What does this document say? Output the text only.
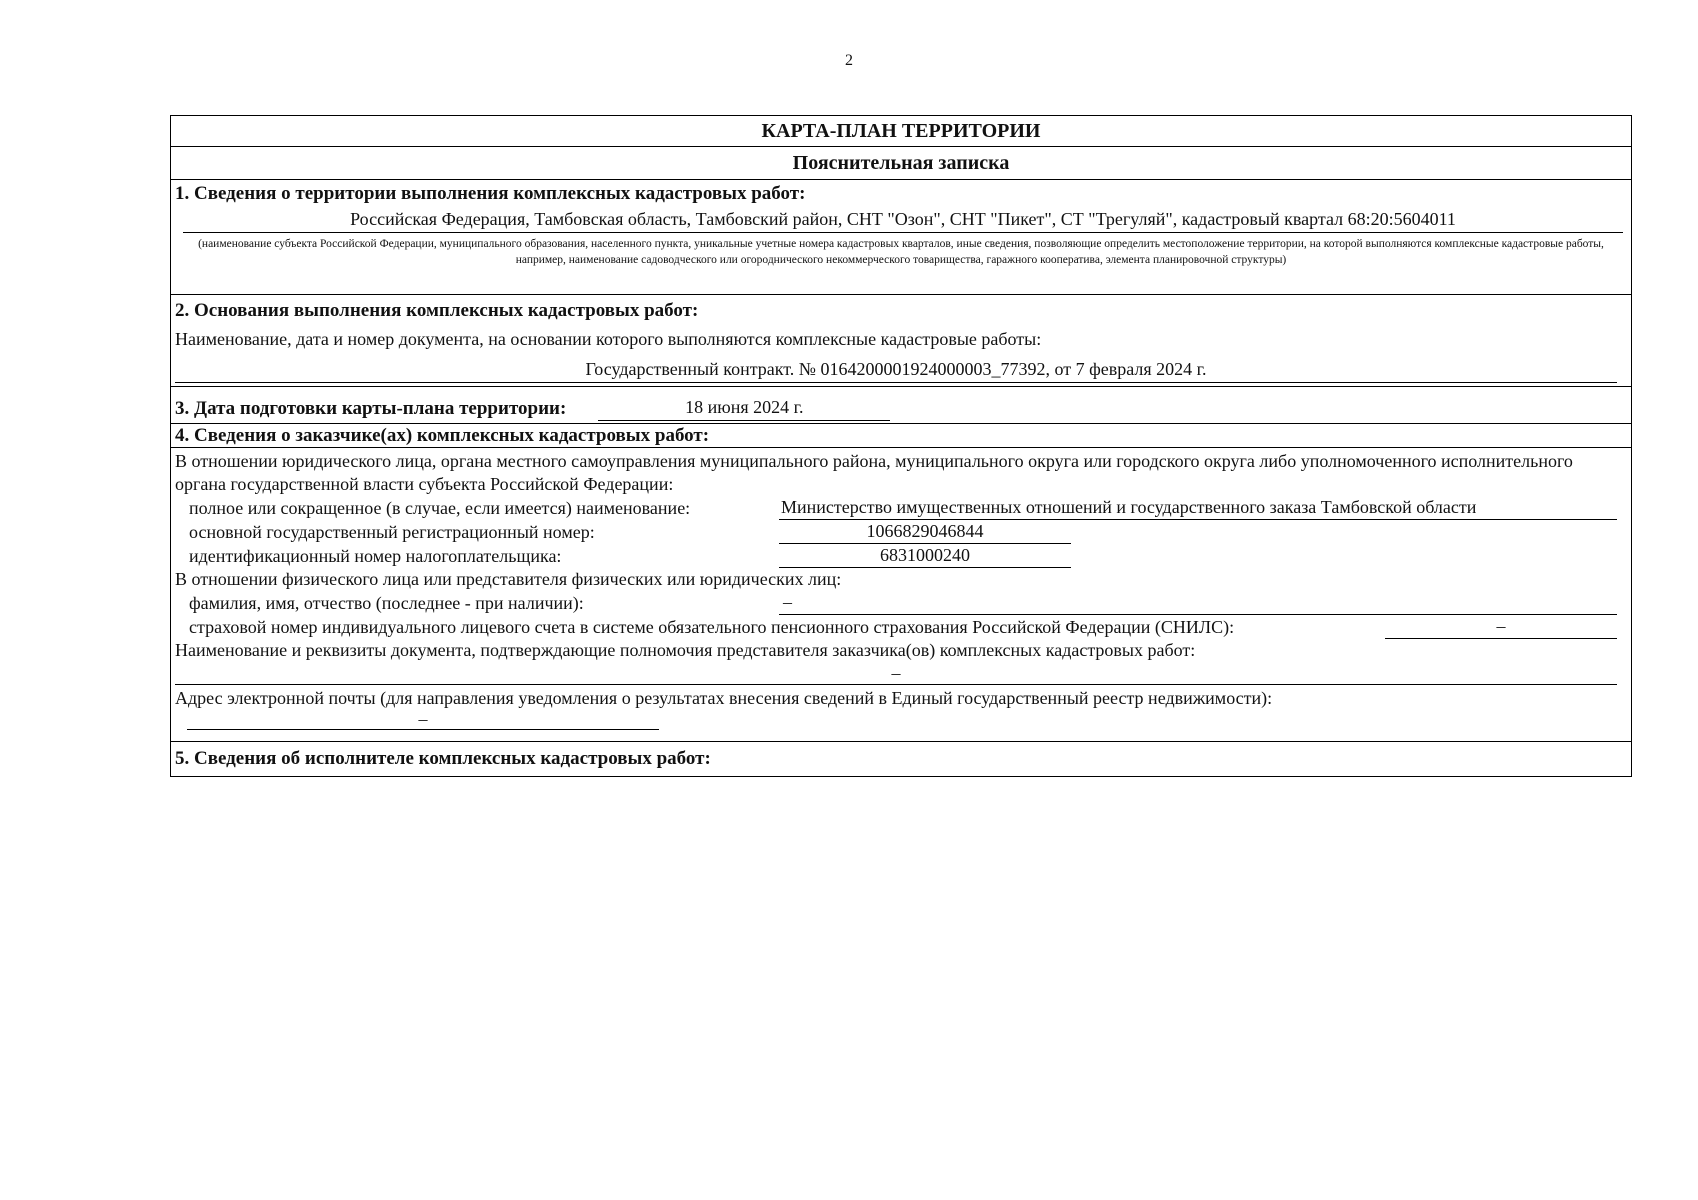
2
КАРТА-ПЛАН ТЕРРИТОРИИ
Пояснительная записка
1. Сведения о территории выполнения комплексных кадастровых работ:
Российская Федерация, Тамбовская область, Тамбовский район, СНТ "Озон", СНТ "Пикет", СТ "Трегуляй", кадастровый квартал 68:20:5604011
(наименование субъекта Российской Федерации, муниципального образования, населенного пункта, уникальные учетные номера кадастровых кварталов, иные сведения, позволяющие определить местоположение территории, на которой выполняются комплексные кадастровые работы, например, наименование садоводческого или огороднического некоммерческого товарищества, гаражного кооператива, элемента планировочной структуры)
2. Основания выполнения комплексных кадастровых работ:
Наименование, дата и номер документа, на основании которого выполняются комплексные кадастровые работы:
Государственный контракт. № 0164200001924000003_77392, от 7 февраля 2024 г.
3. Дата подготовки карты-плана территории:	18 июня 2024 г.
4. Сведения о заказчике(ах) комплексных кадастровых работ:
В отношении юридического лица, органа местного самоуправления муниципального района, муниципального округа или городского округа либо уполномоченного исполнительного органа государственной власти субъекта Российской Федерации:
полное или сокращенное (в случае, если имеется) наименование:	Министерство имущественных отношений и государственного заказа Тамбовской области
основной государственный регистрационный номер:	1066829046844
идентификационный номер налогоплательщика:	6831000240
В отношении физического лица или представителя физических или юридических лиц:
фамилия, имя, отчество (последнее - при наличии):	–
страховой номер индивидуального лицевого счета в системе обязательного пенсионного страхования Российской Федерации (СНИЛС):	–
Наименование и реквизиты документа, подтверждающие полномочия представителя заказчика(ов) комплексных кадастровых работ:
–
Адрес электронной почты (для направления уведомления о результатах внесения сведений в Единый государственный реестр недвижимости):
–
5. Сведения об исполнителе комплексных кадастровых работ:
